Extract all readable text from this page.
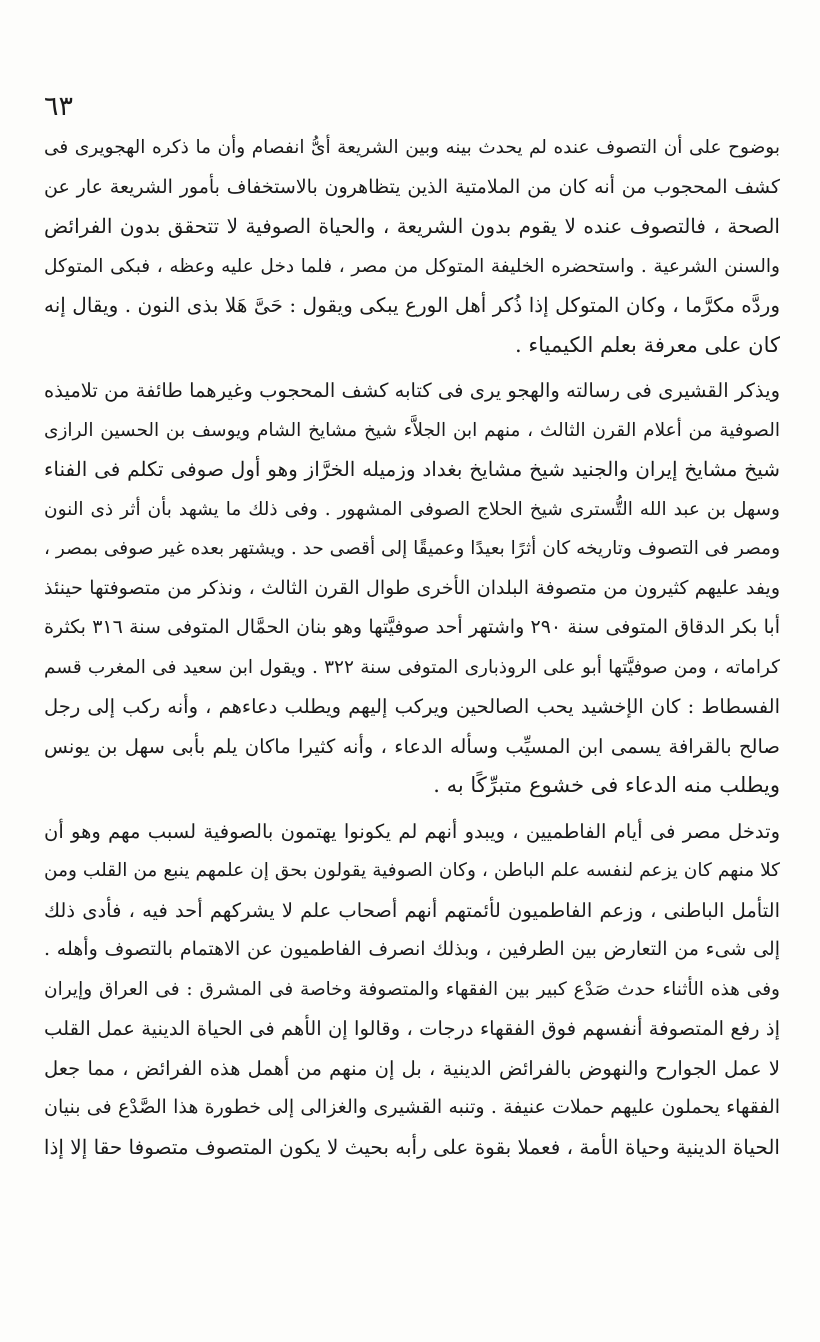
٦٣
بوضوح على أن التصوف عنده لم يحدث بينه وبين الشريعة أىُّ انفصام وأن ما ذكره الهجويرى فى
كشف المحجوب من أنه كان من الملامتية الذين يتظاهرون بالاستخفاف بأمور الشريعة عار عن
الصحة ، فالتصوف عنده لا يقوم بدون الشريعة ، والحياة الصوفية لا تتحقق بدون الفرائض
والسنن الشرعية . واستحضره الخليفة المتوكل من مصر ، فلما دخل عليه وعظه ، فبكى المتوكل
وردَّه مكرَّما ، وكان المتوكل إذا ذُكر أهل الورع يبكى ويقول : حَىَّ هَلا بذى النون . ويقال إنه
كان على معرفة بعلم الكيمياء .
ويذكر القشيرى فى رسالته والهجو يرى فى كتابه كشف المحجوب وغيرهما طائفة من تلاميذه
الصوفية من أعلام القرن الثالث ، منهم ابن الجلاَّء شيخ مشايخ الشام ويوسف بن الحسين الرازى
شيخ مشايخ إيران والجنيد شيخ مشايخ بغداد وزميله الخرَّاز وهو أول صوفى تكلم فى الفناء
وسهل بن عبد الله التُّسترى شيخ الحلاج الصوفى المشهور . وفى ذلك ما يشهد بأن أثر ذى النون
ومصر فى التصوف وتاريخه كان أثرًا بعيدًا وعميقًا إلى أقصى حد . ويشتهر بعده غير صوفى بمصر ،
ويفد عليهم كثيرون من متصوفة البلدان الأخرى طوال القرن الثالث ، ونذكر من متصوفتها حينئذ
أبا بكر الدقاق المتوفى سنة ٢٩٠ واشتهر أحد صوفيَّتها وهو بنان الحمَّال المتوفى سنة ٣١٦ بكثرة
كراماته ، ومن صوفيَّتها أبو على الروذبارى المتوفى سنة ٣٢٢ . ويقول ابن سعيد فى المغرب قسم
الفسطاط : كان الإخشيد يحب الصالحين ويركب إليهم ويطلب دعاءهم ، وأنه ركب إلى رجل
صالح بالقرافة يسمى ابن المسيِّب وسأله الدعاء ، وأنه كثيرا ماكان يلم بأبى سهل بن يونس
ويطلب منه الدعاء فى خشوع متبرِّكًا به .
وتدخل مصر فى أيام الفاطميين ، ويبدو أنهم لم يكونوا يهتمون بالصوفية لسبب مهم وهو أن
كلا منهم كان يزعم لنفسه علم الباطن ، وكان الصوفية يقولون بحق إن علمهم ينبع من القلب ومن
التأمل الباطنى ، وزعم الفاطميون لأئمتهم أنهم أصحاب علم لا يشركهم أحد فيه ، فأدى ذلك
إلى شىء من التعارض بين الطرفين ، وبذلك انصرف الفاطميون عن الاهتمام بالتصوف وأهله .
وفى هذه الأثناء حدث صَدْع كبير بين الفقهاء والمتصوفة وخاصة فى المشرق : فى العراق وإيران
إذ رفع المتصوفة أنفسهم فوق الفقهاء درجات ، وقالوا إن الأهم فى الحياة الدينية عمل القلب
لا عمل الجوارح والنهوض بالفرائض الدينية ، بل إن منهم من أهمل هذه الفرائض ، مما جعل
الفقهاء يحملون عليهم حملات عنيفة . وتنبه القشيرى والغزالى إلى خطورة هذا الصَّدْع فى بنيان
الحياة الدينية وحياة الأمة ، فعملا بقوة على رأبه بحيث لا يكون المتصوف متصوفا حقا إلا إذا
